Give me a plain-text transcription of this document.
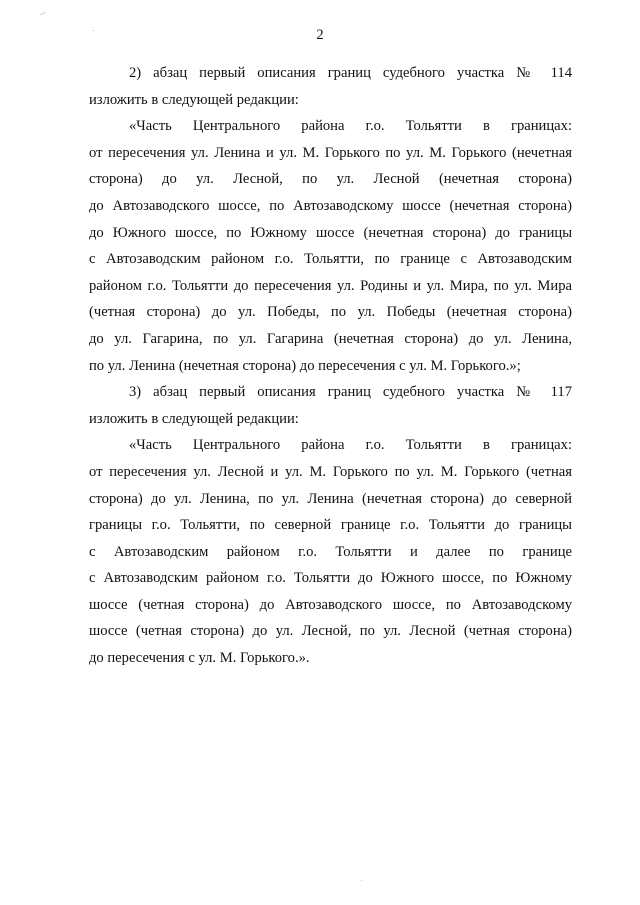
2
2) абзац первый описания границ судебного участка № 114
изложить в следующей редакции:
«Часть Центрального района г.о. Тольятти в границах:
от пересечения ул. Ленина и ул. М. Горького по ул. М. Горького (нечетная
сторона) до ул. Лесной, по ул. Лесной (нечетная сторона)
до Автозаводского шоссе, по Автозаводскому шоссе (нечетная сторона)
до Южного шоссе, по Южному шоссе (нечетная сторона) до границы
с Автозаводским районом г.о. Тольятти, по границе с Автозаводским
районом г.о. Тольятти до пересечения ул. Родины и ул. Мира, по ул. Мира
(четная сторона) до ул. Победы, по ул. Победы (нечетная сторона)
до ул. Гагарина, по ул. Гагарина (нечетная сторона) до ул. Ленина,
по ул. Ленина (нечетная сторона) до пересечения с ул. М. Горького.»;
3) абзац первый описания границ судебного участка № 117
изложить в следующей редакции:
«Часть Центрального района г.о. Тольятти в границах:
от пересечения ул. Лесной и ул. М. Горького по ул. М. Горького (четная
сторона) до ул. Ленина, по ул. Ленина (нечетная сторона) до северной
границы г.о. Тольятти, по северной границе г.о. Тольятти до границы
с Автозаводским районом г.о. Тольятти и далее по границе
с Автозаводским районом г.о. Тольятти до Южного шоссе, по Южному
шоссе (четная сторона) до Автозаводского шоссе, по Автозаводскому
шоссе (четная сторона) до ул. Лесной, по ул. Лесной (четная сторона)
до пересечения с ул. М. Горького.».
